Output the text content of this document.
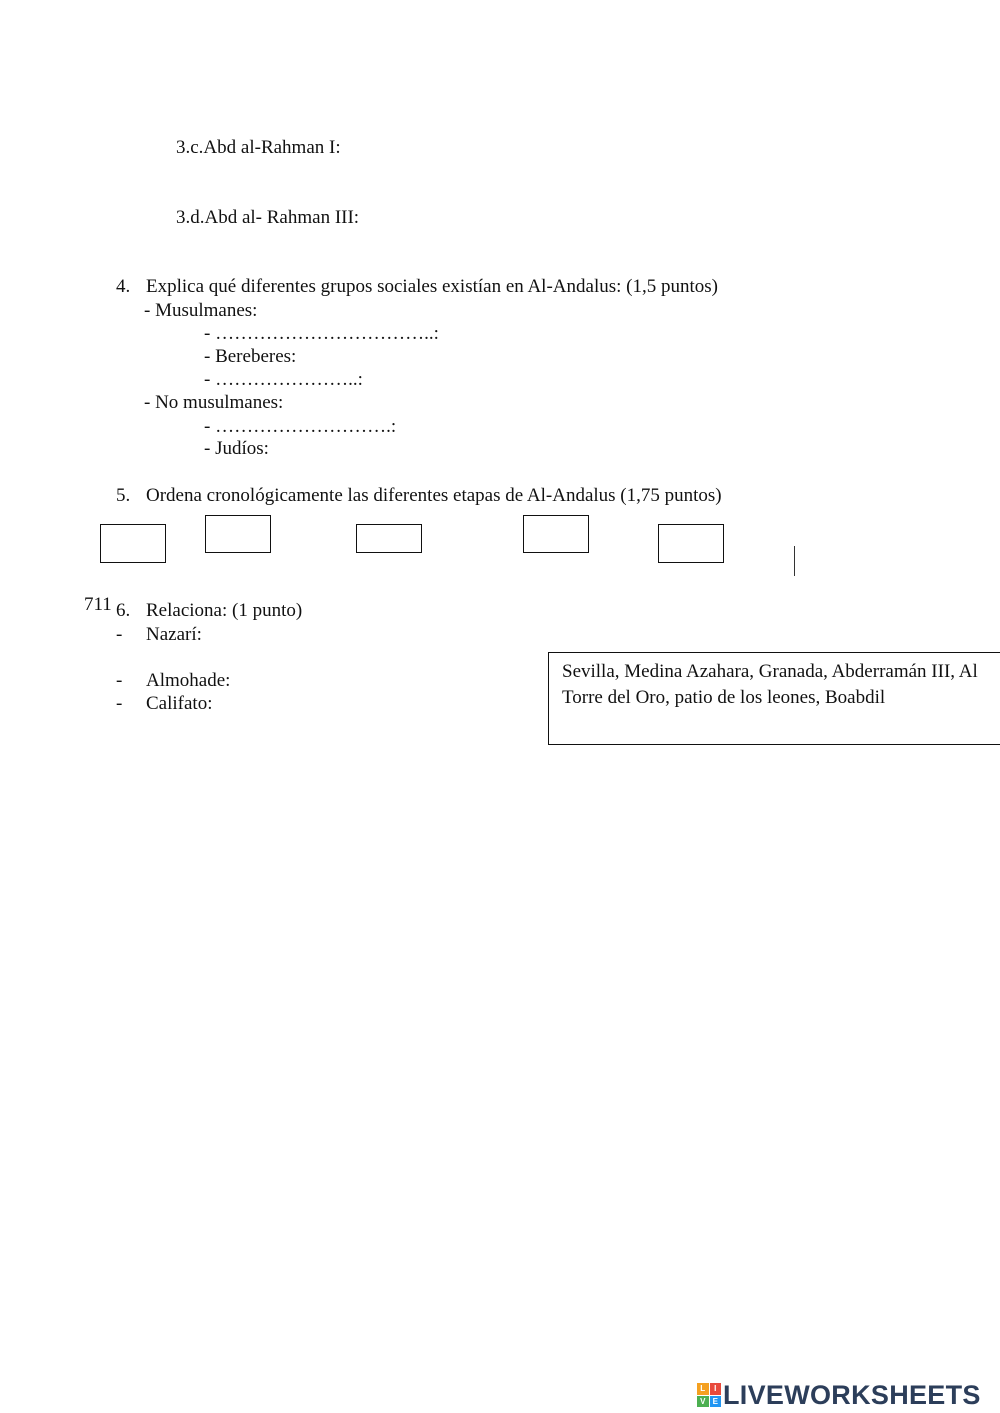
3.c.Abd al-Rahman I:
3.d.Abd al- Rahman III:
4. Explica qué diferentes grupos sociales existían en Al-Andalus: (1,5 puntos)
- Musulmanes:
- ……………………………..:
- Bereberes:
- …………………..:
- No musulmanes:
- ……………………….:
- Judíos:
5. Ordena cronológicamente las diferentes etapas de Al-Andalus (1,75 puntos)
711 6. Relaciona: (1 punto)
- Nazarí:
- Almohade:
- Califato:
Sevilla, Medina Azahara, Granada, Abderramán III, Al
Torre del Oro, patio de los leones, Boabdil
L	I
V E LIVEWORKSHEETS
